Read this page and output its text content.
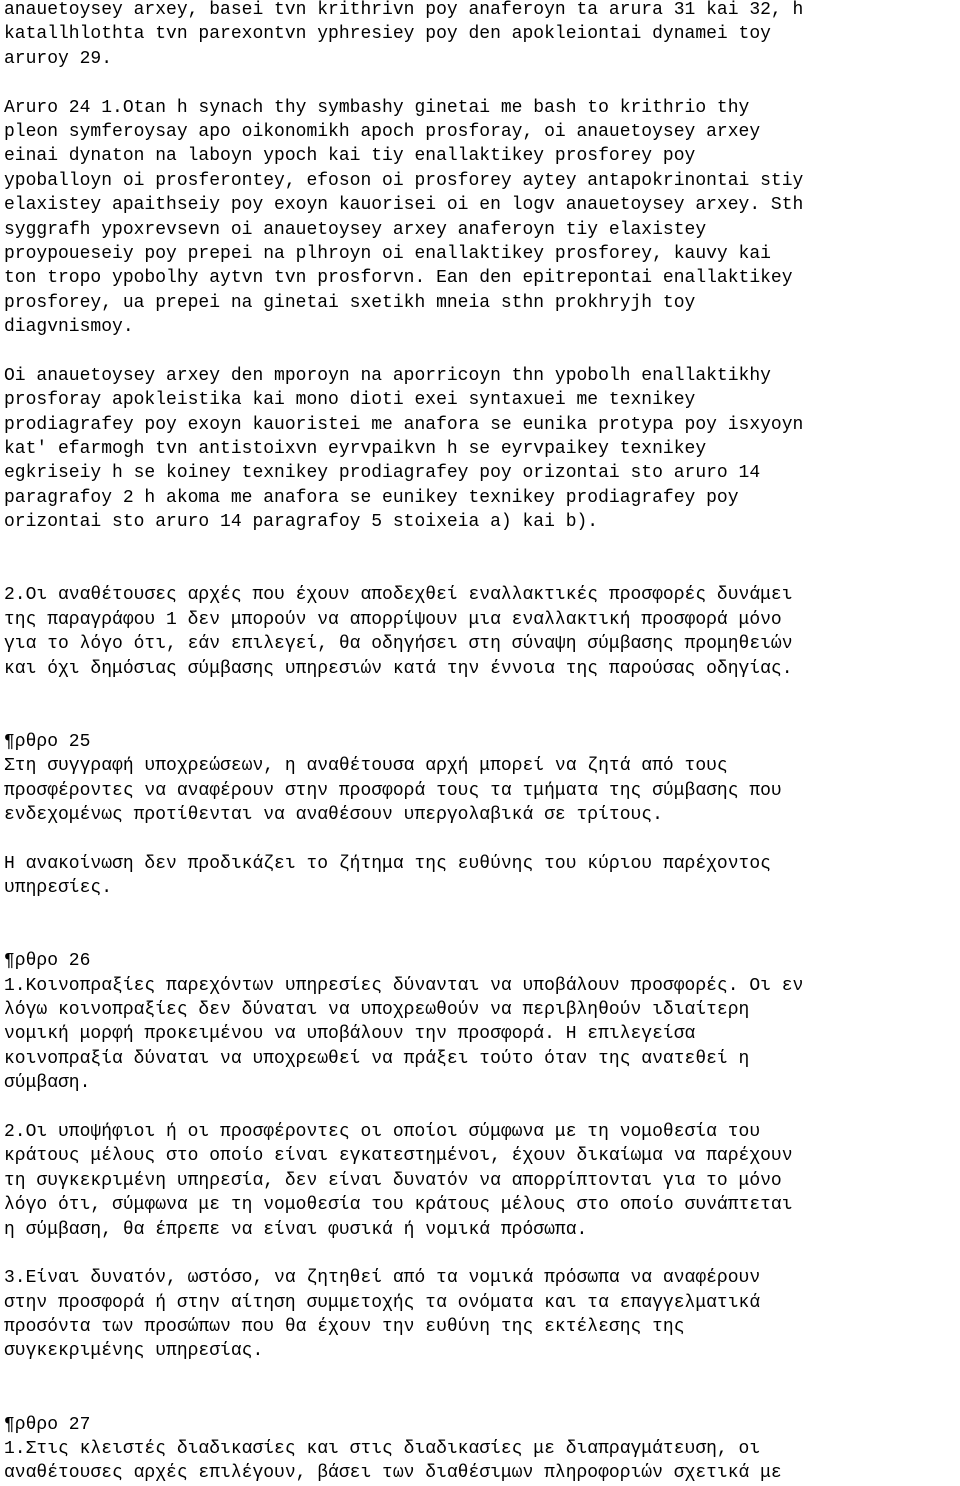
anauetoysey arxey, basei tvn krithrivn poy anaferoyn ta arura 31 kai 32, h
katallhlothta tvn parexontvn yphresiey poy den apokleiontai dynamei toy
aruroy 29.
Aruro 24 1.Otan h synach thy symbashy ginetai me bash to krithrio thy
pleon symferoysay apo oikonomikh apoch prosforay, oi anauetoysey arxey
einai dynaton na laboyn ypoch kai tiy enallaktikey prosforey poy
ypoballoyn oi prosferontey, efoson oi prosforey aytey antapokrinontai stiy
elaxistey apaithseiy poy exoyn kauorisei oi en logv anauetoysey arxey. Sth
syggrafh ypoxrevsevn oi anauetoysey arxey anaferoyn tiy elaxistey
proypoueseiy poy prepei na plhroyn oi enallaktikey prosforey, kauvy kai
ton tropo ypobolhy aytvn tvn prosforvn. Ean den epitrepontai enallaktikey
prosforey, ua prepei na ginetai sxetikh mneia sthn prokhryjh toy
diagvnismoy.
Oi anauetoysey arxey den mporoyn na aporricoyn thn ypobolh enallaktikhy
prosforay apokleistika kai mono dioti exei syntaxuei me texnikey
prodiagrafey poy exoyn kauoristei me anafora se eunika protypa poy isxyoyn
kat' efarmogh tvn antistoixvn eyrvpaikvn h se eyrvpaikey texnikey
egkriseiy h se koiney texnikey prodiagrafey poy orizontai sto aruro 14
paragrafoy 2 h akoma me anafora se eunikey texnikey prodiagrafey poy
orizontai sto aruro 14 paragrafoy 5 stoixeia a) kai b).
2.Οι αναθέτουσες αρχές που έχουν αποδεχθεί εναλλακτικές προσφορές δυνάμει
της παραγράφου 1 δεν μπορούν να απορρίψουν μια εναλλακτική προσφορά μόνο
για το λόγο ότι, εάν επιλεγεί, θα οδηγήσει στη σύναψη σύμβασης προμηθειών
και όχι δημόσιας σύμβασης υπηρεσιών κατά την έννοια της παρούσας οδηγίας.
¶ρθρο 25
Στη συγγραφή υποχρεώσεων, η αναθέτουσα αρχή μπορεί να ζητά από τους
προσφέροντες να αναφέρουν στην προσφορά τους τα τμήματα της σύμβασης που
ενδεχομένως προτίθενται να αναθέσουν υπεργολαβικά σε τρίτους.
Η ανακοίνωση δεν προδικάζει το ζήτημα της ευθύνης του κύριου παρέχοντος
υπηρεσίες.
¶ρθρο 26
1.Κοινοπραξίες παρεχόντων υπηρεσίες δύνανται να υποβάλουν προσφορές. Οι εν
λόγω κοινοπραξίες δεν δύναται να υποχρεωθούν να περιβληθούν ιδιαίτερη
νομική μορφή προκειμένου να υποβάλουν την προσφορά. Η επιλεγείσα
κοινοπραξία δύναται να υποχρεωθεί να πράξει τούτο όταν της ανατεθεί η
σύμβαση.
2.Οι υποψήφιοι ή οι προσφέροντες οι οποίοι σύμφωνα με τη νομοθεσία του
κράτους μέλους στο οποίο είναι εγκατεστημένοι, έχουν δικαίωμα να παρέχουν
τη συγκεκριμένη υπηρεσία, δεν είναι δυνατόν να απορρίπτονται για το μόνο
λόγο ότι, σύμφωνα με τη νομοθεσία του κράτους μέλους στο οποίο συνάπτεται
η σύμβαση, θα έπρεπε να είναι φυσικά ή νομικά πρόσωπα.
3.Είναι δυνατόν, ωστόσο, να ζητηθεί από τα νομικά πρόσωπα να αναφέρουν
στην προσφορά ή στην αίτηση συμμετοχής τα ονόματα και τα επαγγελματικά
προσόντα των προσώπων που θα έχουν την ευθύνη της εκτέλεσης της
συγκεκριμένης υπηρεσίας.
¶ρθρο 27
1.Στις κλειστές διαδικασίες και στις διαδικασίες με διαπραγμάτευση, οι
αναθέτουσες αρχές επιλέγουν, βάσει των διαθέσιμων πληροφοριών σχετικά με
